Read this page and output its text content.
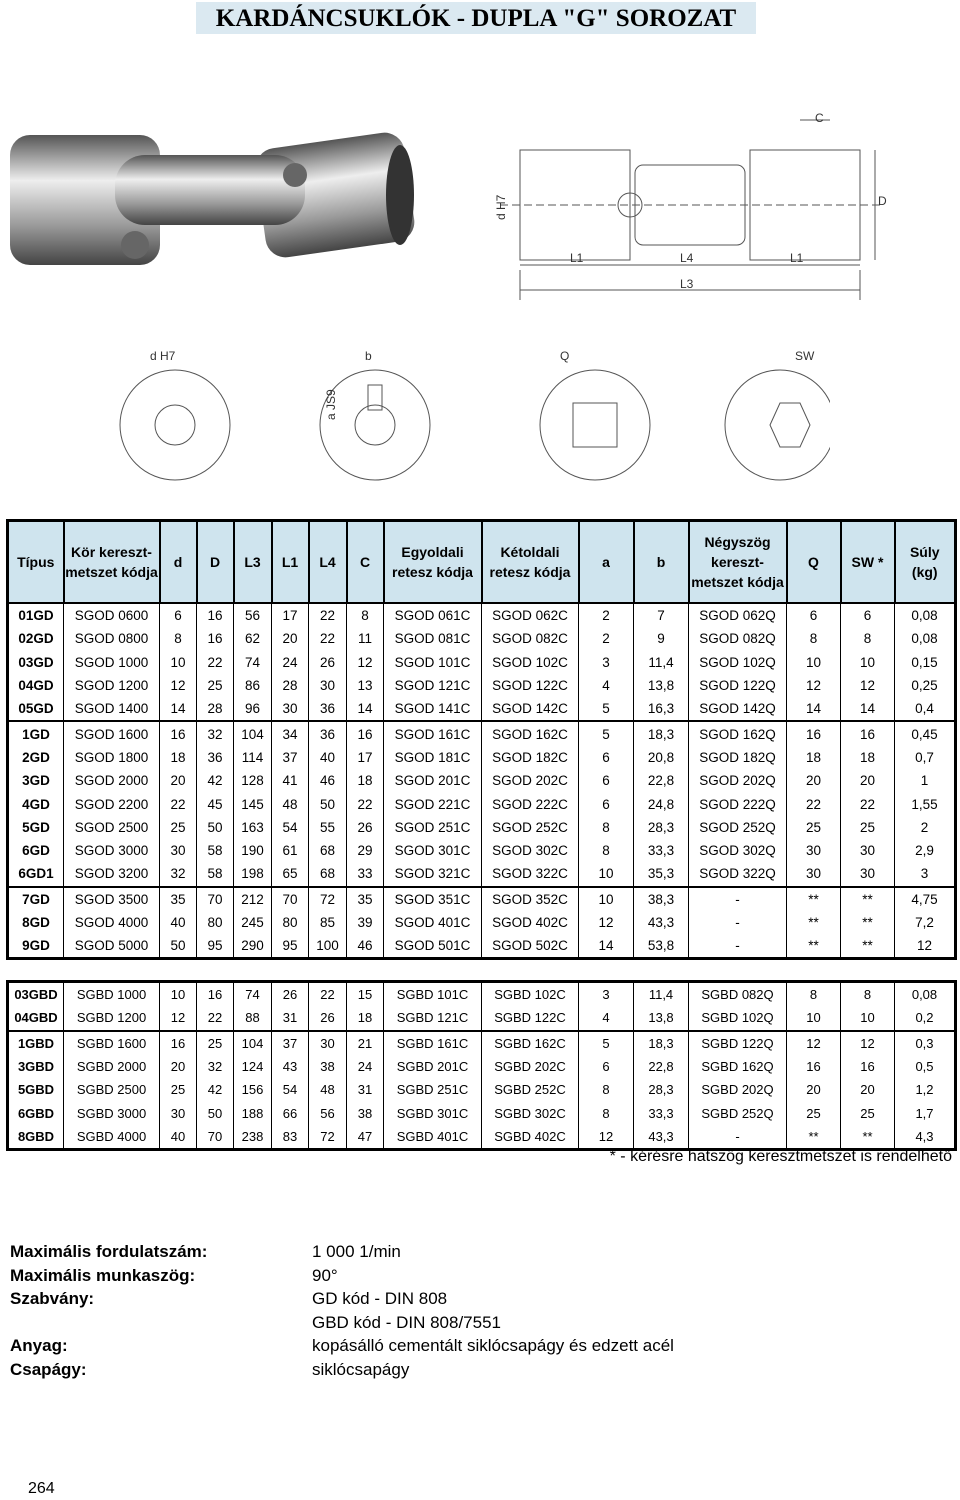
KARDÁNCSUKLÓK - DUPLA "G" SOROZAT
C
D
d H7
L1	L4	L1
L3
d H7	b
a JS9
Q	SW
Típus	Kör kereszt- metszet kódja	d	D	L3	L1	L4	C	Egyoldali retesz kódja	Kétoldali retesz kódja	a	b	Négyszög kereszt- metszet kódja	Q	SW *	Súly (kg)
01GD	SGOD 0600	6	16	56	17	22	8	SGOD 061C	SGOD 062C	2	7	SGOD 062Q	6	6	0,08
02GD	SGOD 0800	8	16	62	20	22	11	SGOD 081C	SGOD 082C	2	9	SGOD 082Q	8	8	0,08
03GD	SGOD 1000	10	22	74	24	26	12	SGOD 101C	SGOD 102C	3	11,4	SGOD 102Q	10	10	0,15
04GD	SGOD 1200	12	25	86	28	30	13	SGOD 121C	SGOD 122C	4	13,8	SGOD 122Q	12	12	0,25
05GD	SGOD 1400	14	28	96	30	36	14	SGOD 141C	SGOD 142C	5	16,3	SGOD 142Q	14	14	0,4
1GD	SGOD 1600	16	32	104	34	36	16	SGOD 161C	SGOD 162C	5	18,3	SGOD 162Q	16	16	0,45
2GD	SGOD 1800	18	36	114	37	40	17	SGOD 181C	SGOD 182C	6	20,8	SGOD 182Q	18	18	0,7
3GD	SGOD 2000	20	42	128	41	46	18	SGOD 201C	SGOD 202C	6	22,8	SGOD 202Q	20	20	1
4GD	SGOD 2200	22	45	145	48	50	22	SGOD 221C	SGOD 222C	6	24,8	SGOD 222Q	22	22	1,55
5GD	SGOD 2500	25	50	163	54	55	26	SGOD 251C	SGOD 252C	8	28,3	SGOD 252Q	25	25	2
6GD	SGOD 3000	30	58	190	61	68	29	SGOD 301C	SGOD 302C	8	33,3	SGOD 302Q	30	30	2,9
6GD1	SGOD 3200	32	58	198	65	68	33	SGOD 321C	SGOD 322C	10	35,3	SGOD 322Q	30	30	3
7GD	SGOD 3500	35	70	212	70	72	35	SGOD 351C	SGOD 352C	10	38,3	-	**	**	4,75
8GD	SGOD 4000	40	80	245	80	85	39	SGOD 401C	SGOD 402C	12	43,3	-	**	**	7,2
9GD	SGOD 5000	50	95	290	95	100	46	SGOD 501C	SGOD 502C	14	53,8	-	**	**	12
03GBD	SGBD 1000	10	16	74	26	22	15	SGBD 101C	SGBD 102C	3	11,4	SGBD 082Q	8	8	0,08
04GBD	SGBD 1200	12	22	88	31	26	18	SGBD 121C	SGBD 122C	4	13,8	SGBD 102Q	10	10	0,2
1GBD	SGBD 1600	16	25	104	37	30	21	SGBD 161C	SGBD 162C	5	18,3	SGBD 122Q	12	12	0,3
3GBD	SGBD 2000	20	32	124	43	38	24	SGBD 201C	SGBD 202C	6	22,8	SGBD 162Q	16	16	0,5
5GBD	SGBD 2500	25	42	156	54	48	31	SGBD 251C	SGBD 252C	8	28,3	SGBD 202Q	20	20	1,2
6GBD	SGBD 3000	30	50	188	66	56	38	SGBD 301C	SGBD 302C	8	33,3	SGBD 252Q	25	25	1,7
8GBD	SGBD 4000	40	70	238	83	72	47	SGBD 401C	SGBD 402C	12	43,3	-	**	**	4,3
* - kérésre hatszög keresztmetszet is rendelhető
Maximális fordulatszám:	1 000 1/min
Maximális munkaszög:	90°
Szabvány:	GD kód - DIN 808
GBD kód - DIN 808/7551
Anyag:	kopásálló cementált siklócsapágy és edzett acél
Csapágy:	siklócsapágy
264
